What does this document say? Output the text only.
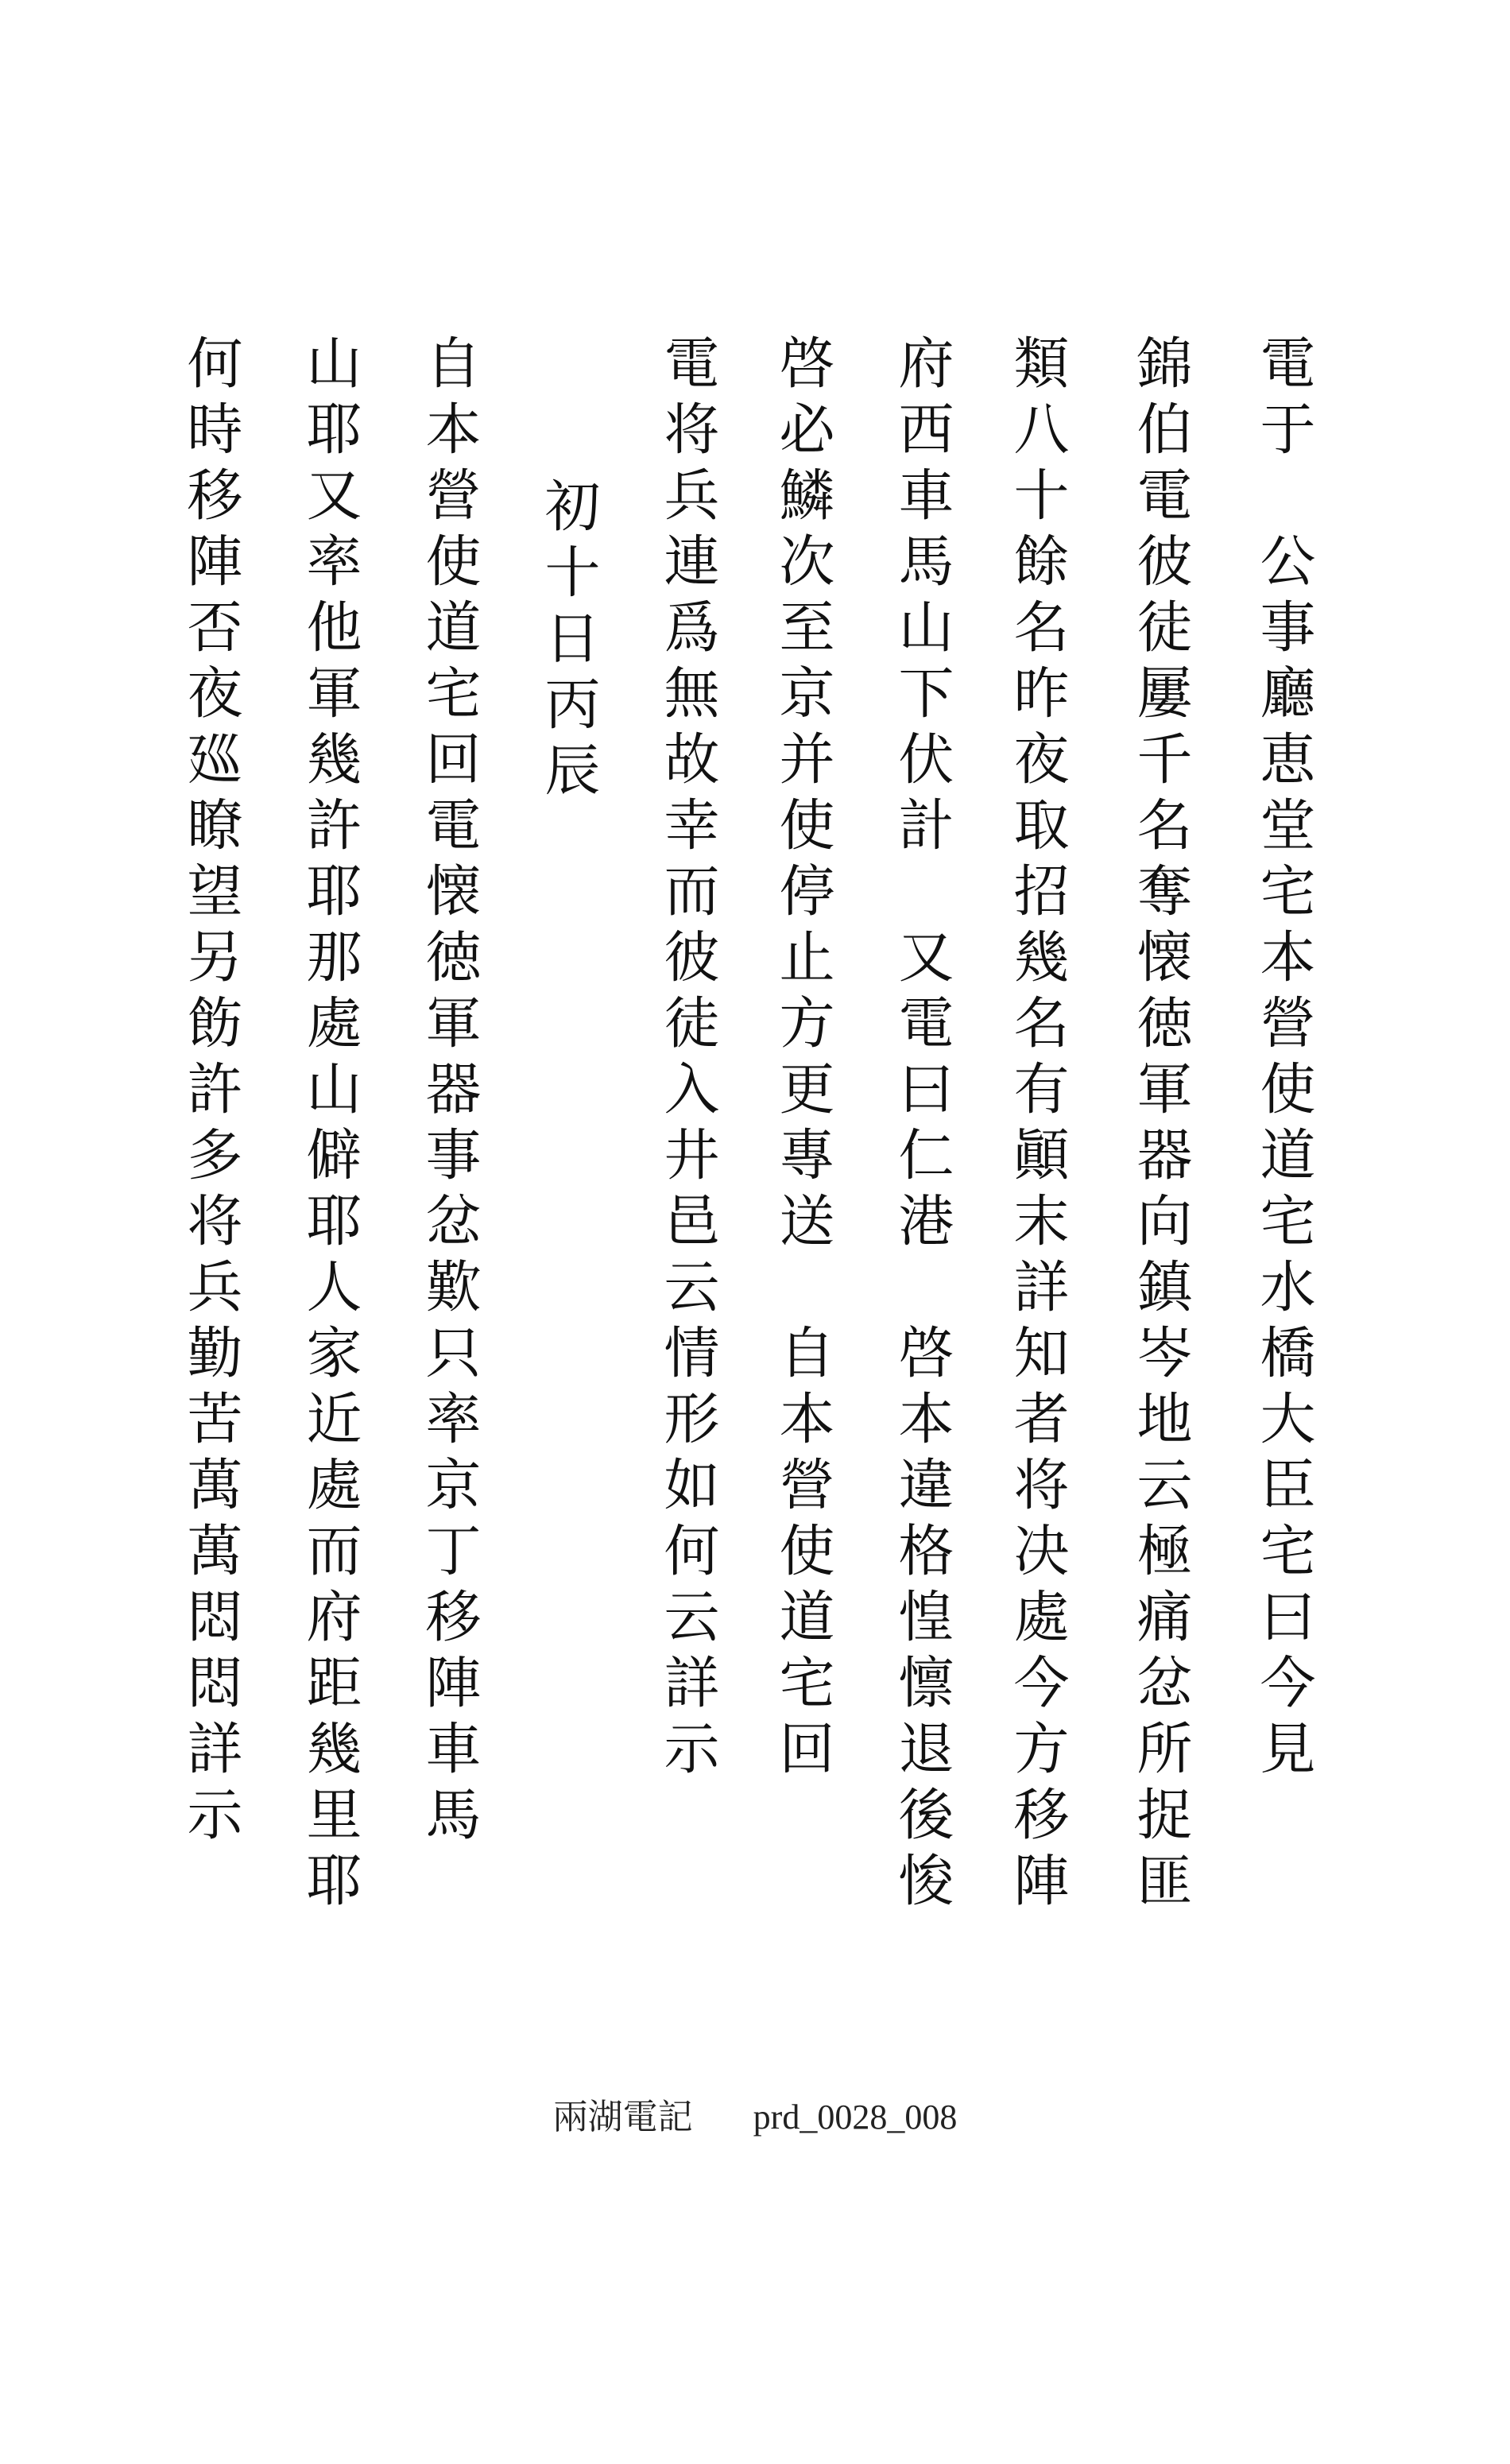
電于　公事廳恵堂宅本營使道宅水橋大臣宅曰今見
錦伯電彼徒屢千名奪懐徳軍器向鎮岑地云極痛忿所捉匪
類八十餘名昨夜取招幾名有顚末詳知者将决處今方移陣
府西車馬山下伏計　又電曰仁港　啓本違格惶懔退後悛
啓必鱗次至京并使停止方更專送　自本營使道宅回
電将兵連爲無故幸而彼徒入井邑云情形如何云詳示
初十日丙辰
自本營使道宅回電懐徳軍器事忿歎只率京丁移陣車馬
山耶又率他軍幾許耶那處山僻耶人家近處而府距幾里耶
何時移陣否夜廵瞭望另飭許多将兵勤苦萬萬悶悶詳示
兩湖電記 prd_0028_008
